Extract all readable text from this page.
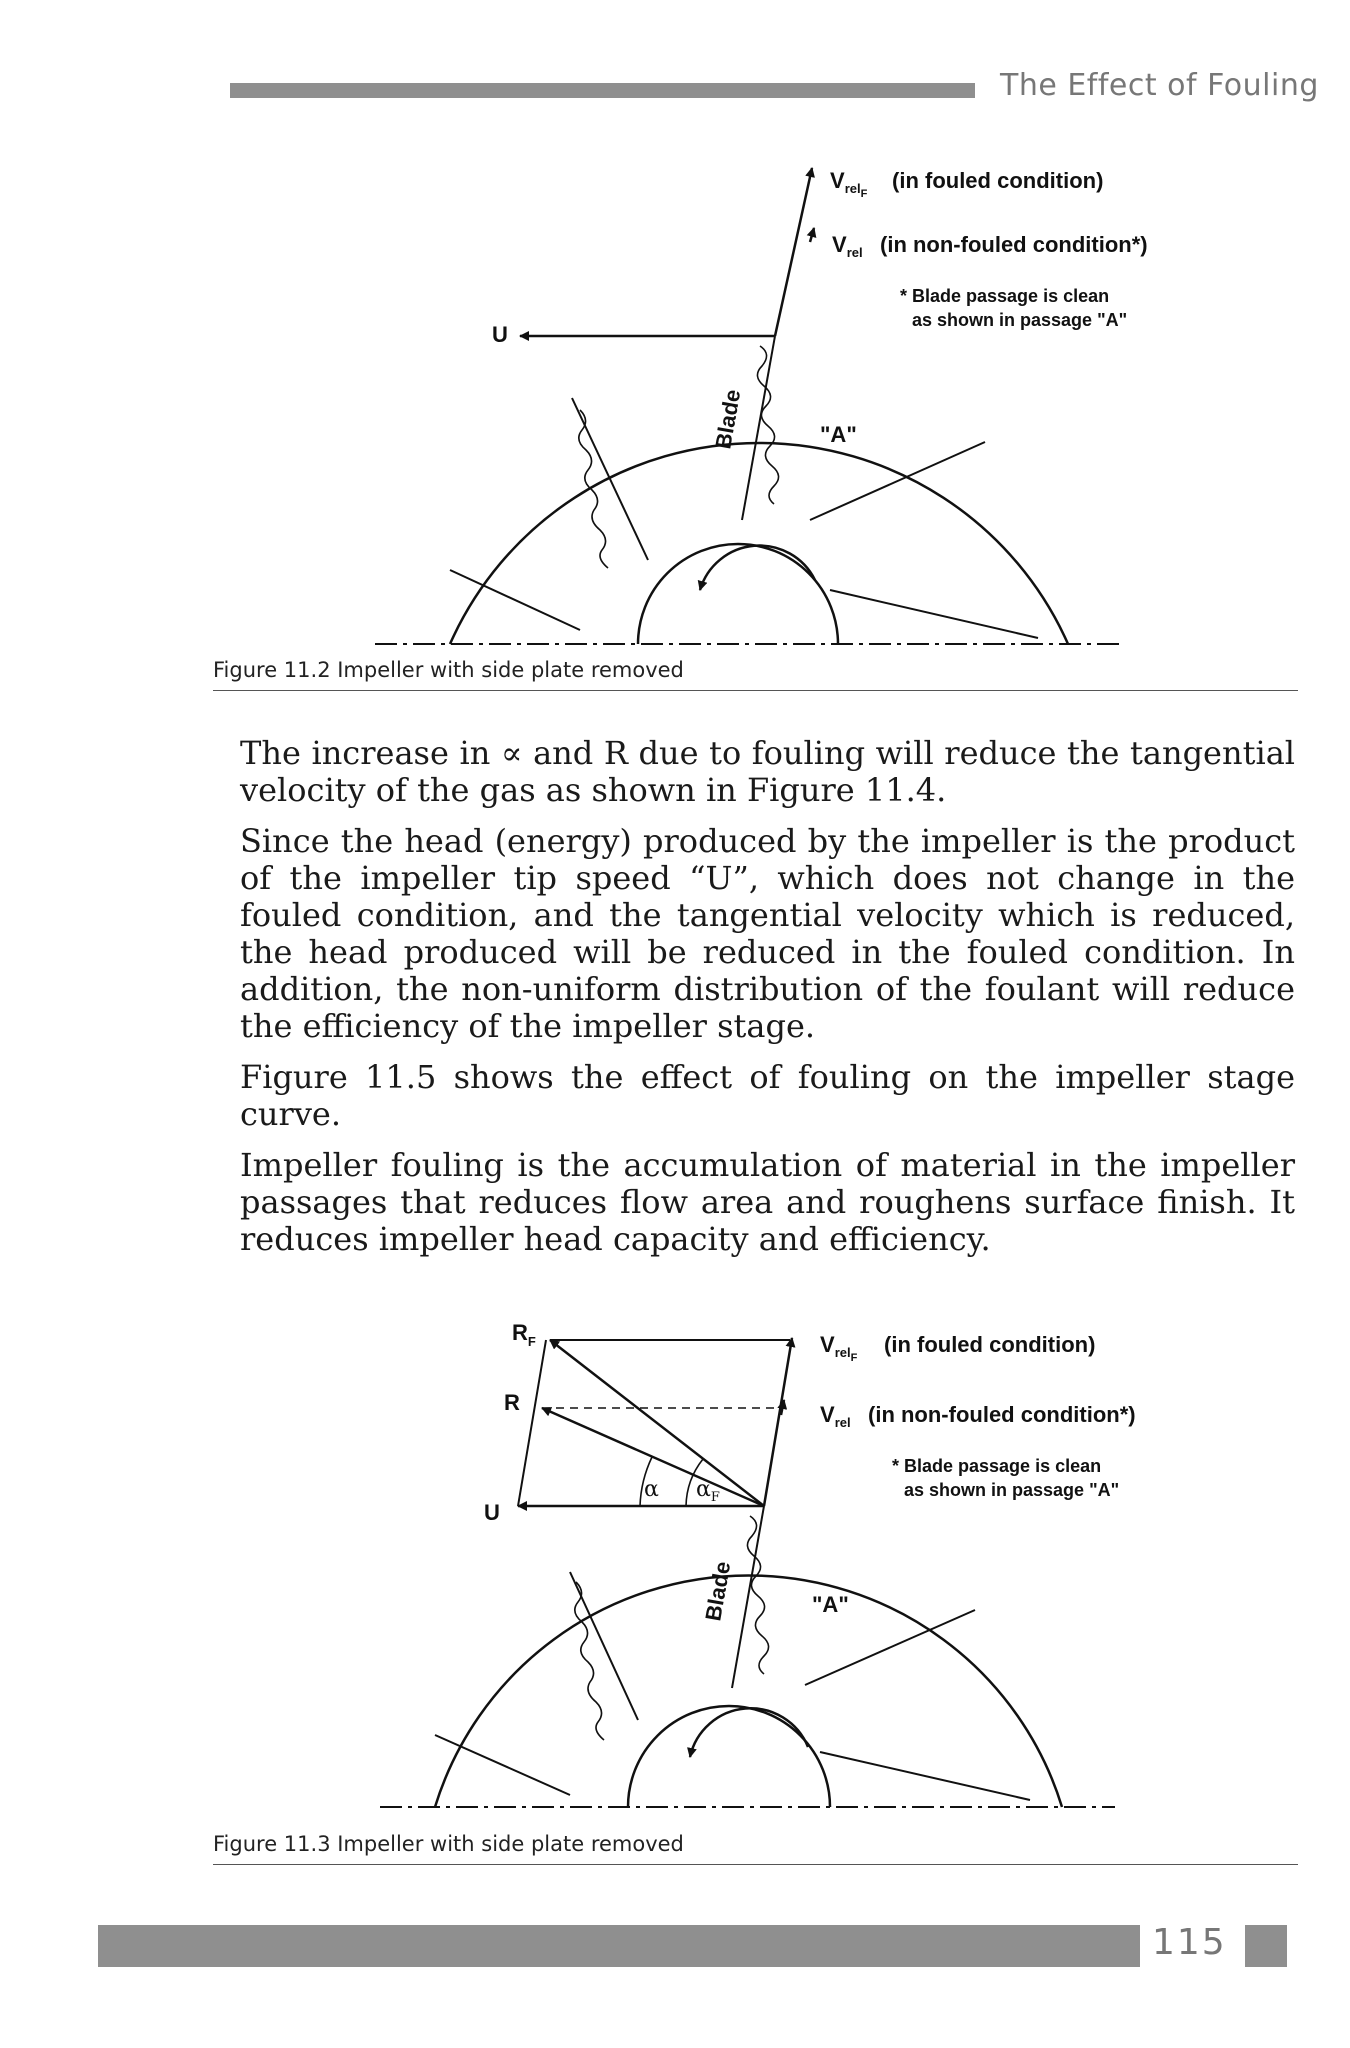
The Effect of Fouling
$V_{rel}F$
(in fouled condition)
$V_{rel}$ (in non-fouled condition*)
* Blade passage is clean
as shown in passage "A"
U
Blade	"A"
Figure 11.2 Impeller with side plate removed

The increase in ∝ and R due to fouling will reduce the tangential velocity of the gas as shown in Figure 11.4.

Since the head (energy) produced by the impeller is the product of the impeller tip speed “U”, which does not change in the fouled condition, and the tangential velocity which is reduced, the head produced will be reduced in the fouled condition. In addition, the non-uniform distribution of the foulant will reduce the efficiency of the impeller stage.

Figure 11.5 shows the effect of fouling on the impeller stage curve.

Impeller fouling is the accumulation of material in the impeller passages that reduces flow area and roughens surface finish. It reduces impeller head capacity and efficiency.

$R_F$
R
U
α $\alpha_F$
$V_{rel}F$
(in fouled condition)
$V_{rel}$ (in non-fouled condition*)
* Blade passage is clean
as shown in passage "A"
Blade	"A"
Figure 11.3 Impeller with side plate removed
115
